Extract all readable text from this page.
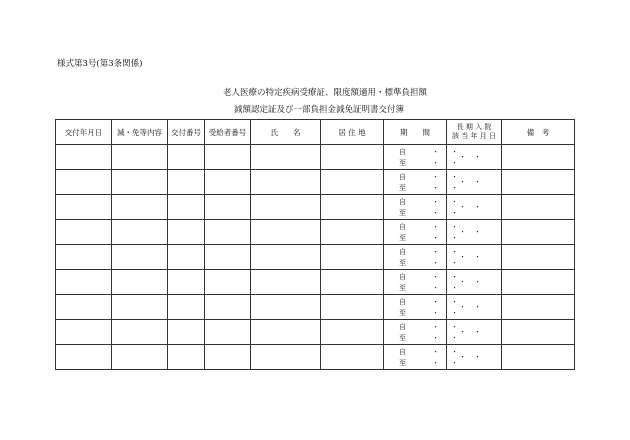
様式第3号(第3条関係)
老人医療の特定疾病受療証、限度額適用・標準負担額
減額認定証及び一部負担金減免証明書交付簿
交付年月日	減・免等内容	交付番号	受給者番号	氏　　名	居 住 地	期　　間	長 期 入 院
該 当 年 月 日	備　考

						自 ・・
至 ・・	・・	

						自 ・・
至 ・・	・・	

						自 ・・
至 ・・	・・	

						自 ・・
至 ・・	・・	

						自 ・・
至 ・・	・・	

						自 ・・
至 ・・	・・	

						自 ・・
至 ・・	・・	

						自 ・・
至 ・・	・・	

						自 ・・
至 ・・	・・	
